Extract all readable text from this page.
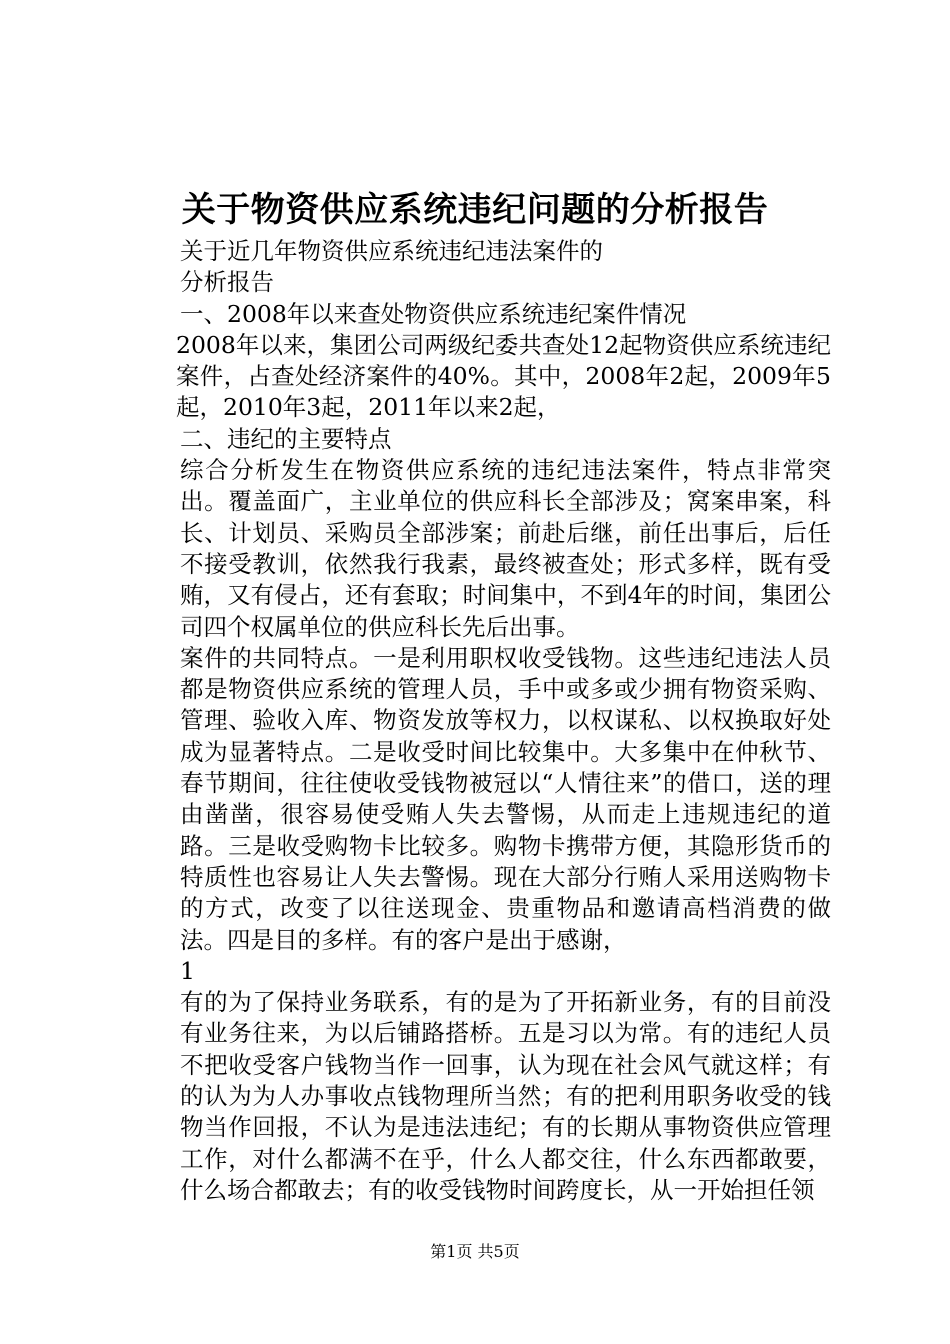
关于物资供应系统违纪问题的分析报告

关于近几年物资供应系统违纪违法案件的

分析报告

一、2008年以来查处物资供应系统违纪案件情况

2008年以来，集团公司两级纪委共查处12起物资供应系统违纪案件，占查处经济案件的40%。其中，2008年2起，2009年5起，2010年3起，2011年以来2起，

二、违纪的主要特点

综合分析发生在物资供应系统的违纪违法案件，特点非常突出。覆盖面广，主业单位的供应科长全部涉及；窝案串案，科长、计划员、采购员全部涉案；前赴后继，前任出事后，后任不接受教训，依然我行我素，最终被查处；形式多样，既有受贿，又有侵占，还有套取；时间集中，不到4年的时间，集团公司四个权属单位的供应科长先后出事。

案件的共同特点。一是利用职权收受钱物。这些违纪违法人员都是物资供应系统的管理人员，手中或多或少拥有物资采购、管理、验收入库、物资发放等权力，以权谋私、以权换取好处成为显著特点。二是收受时间比较集中。大多集中在仲秋节、春节期间，往往使收受钱物被冠以“人情往来”的借口，送的理由凿凿，很容易使受贿人失去警惕，从而走上违规违纪的道路。三是收受购物卡比较多。购物卡携带方便，其隐形货币的特质性也容易让人失去警惕。现在大部分行贿人采用送购物卡的方式，改变了以往送现金、贵重物品和邀请高档消费的做法。四是目的多样。有的客户是出于感谢，

1

有的为了保持业务联系，有的是为了开拓新业务，有的目前没有业务往来，为以后铺路搭桥。五是习以为常。有的违纪人员不把收受客户钱物当作一回事，认为现在社会风气就这样；有的认为为人办事收点钱物理所当然；有的把利用职务收受的钱物当作回报，不认为是违法违纪；有的长期从事物资供应管理工作，对什么都满不在乎，什么人都交往，什么东西都敢要，什么场合都敢去；有的收受钱物时间跨度长，从一开始担任领

第1页 共5页
